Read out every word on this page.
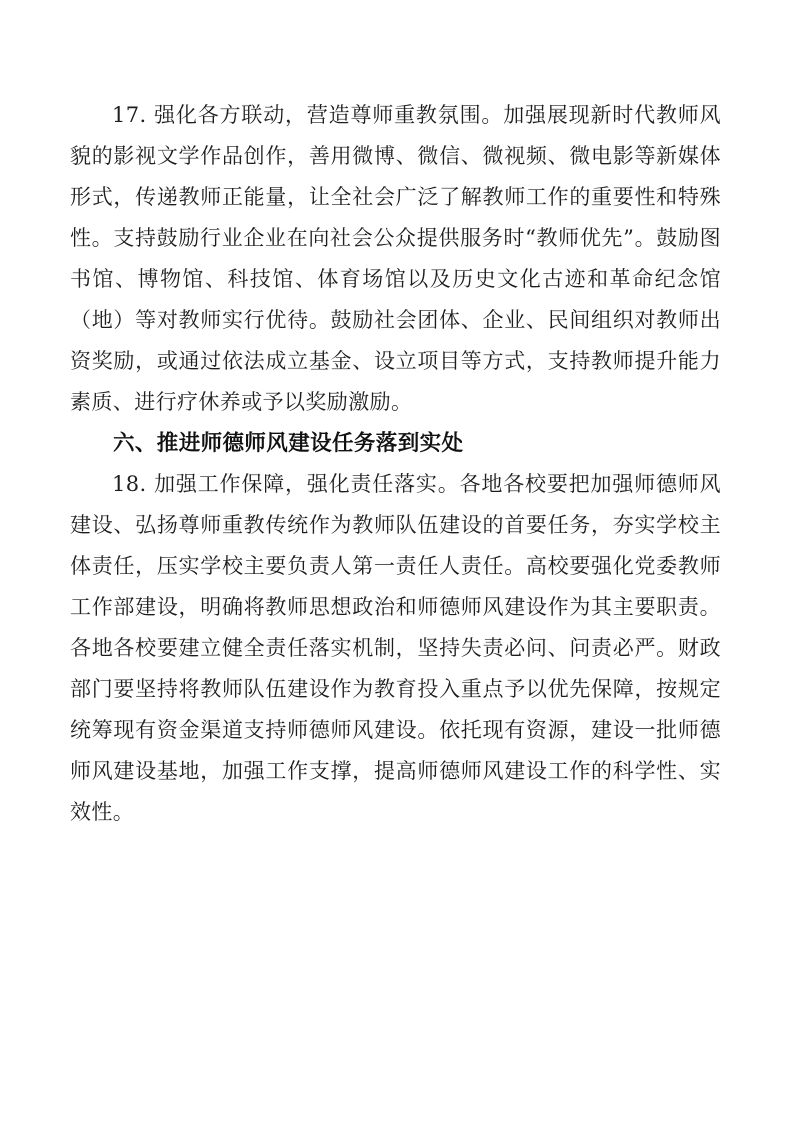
17. 强化各方联动，营造尊师重教氛围。加强展现新时代教师风貌的影视文学作品创作，善用微博、微信、微视频、微电影等新媒体形式，传递教师正能量，让全社会广泛了解教师工作的重要性和特殊性。支持鼓励行业企业在向社会公众提供服务时“教师优先”。鼓励图书馆、博物馆、科技馆、体育场馆以及历史文化古迹和革命纪念馆（地）等对教师实行优待。鼓励社会团体、企业、民间组织对教师出资奖励，或通过依法成立基金、设立项目等方式，支持教师提升能力素质、进行疗休养或予以奖励激励。

六、推进师德师风建设任务落到实处

18. 加强工作保障，强化责任落实。各地各校要把加强师德师风建设、弘扬尊师重教传统作为教师队伍建设的首要任务，夯实学校主体责任，压实学校主要负责人第一责任人责任。高校要强化党委教师工作部建设，明确将教师思想政治和师德师风建设作为其主要职责。各地各校要建立健全责任落实机制，坚持失责必问、问责必严。财政部门要坚持将教师队伍建设作为教育投入重点予以优先保障，按规定统筹现有资金渠道支持师德师风建设。依托现有资源，建设一批师德师风建设基地，加强工作支撑，提高师德师风建设工作的科学性、实效性。
